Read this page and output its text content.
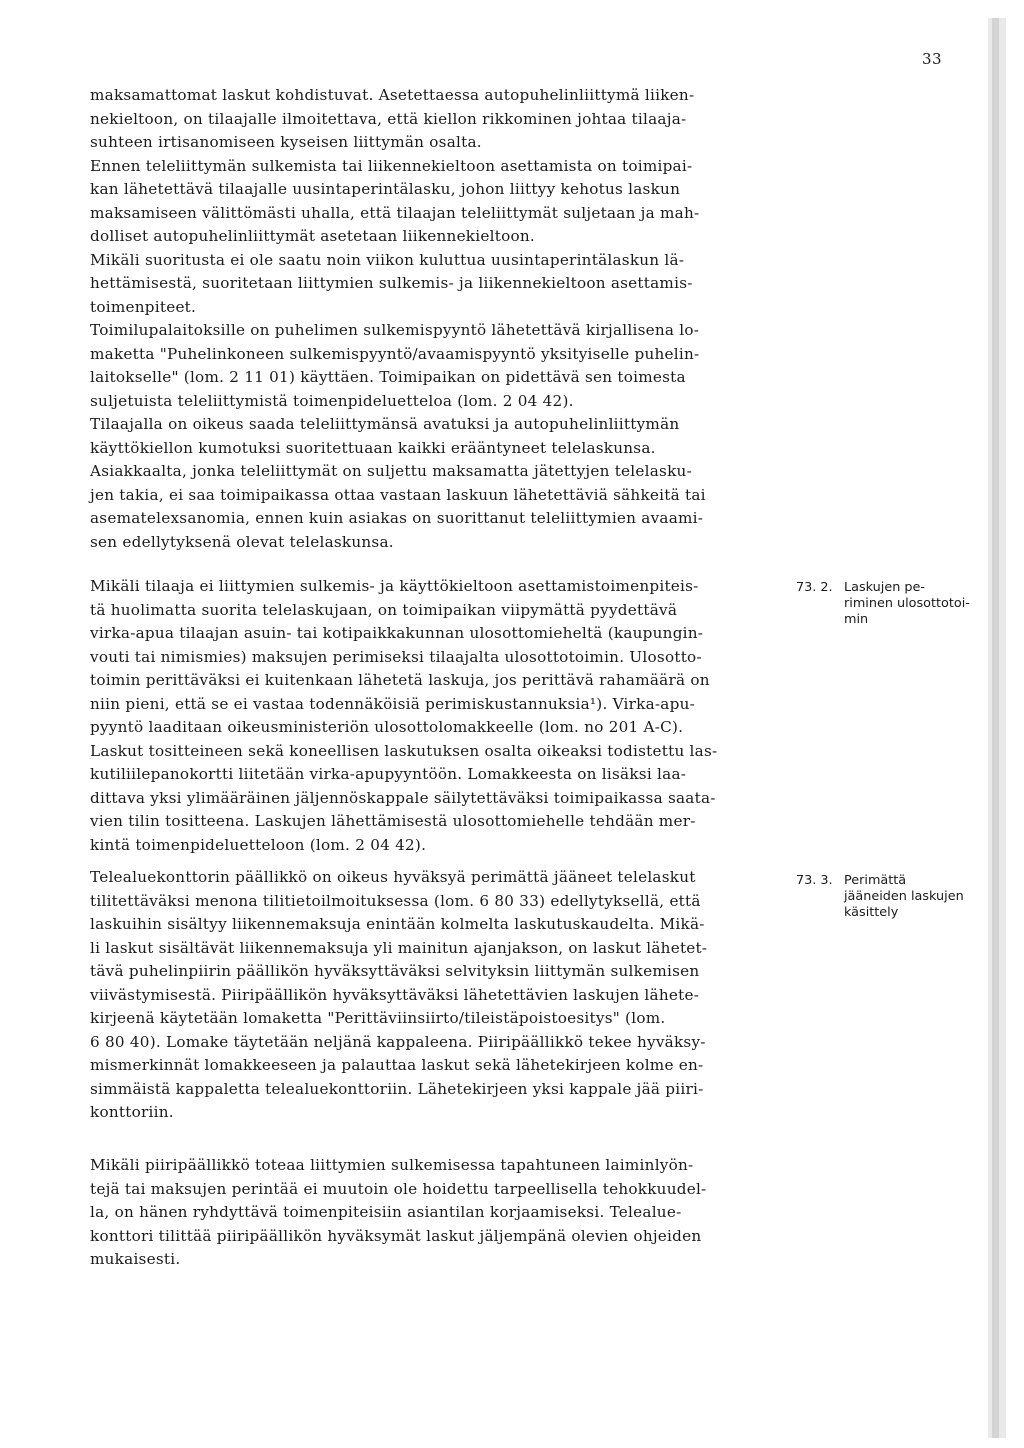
33
maksamattomat laskut kohdistuvat. Asetettaessa autopuhelinliittymä liiken-
nekieltoon, on tilaajalle ilmoitettava, että kiellon rikkominen johtaa tilaaja-
suhteen irtisanomiseen kyseisen liittymän osalta.
Ennen teleliittymän sulkemista tai liikennekieltoon asettamista on toimipai-
kan lähetettävä tilaajalle uusintaperintälasku, johon liittyy kehotus laskun
maksamiseen välittömästi uhalla, että tilaajan teleliittymät suljetaan ja mah-
dolliset autopuhelinliittymät asetetaan liikennekieltoon.
Mikäli suoritusta ei ole saatu noin viikon kuluttua uusintaperintälaskun lä-
hettämisestä, suoritetaan liittymien sulkemis- ja liikennekieltoon asettamis-
toimenpiteet.
Toimilupalaitoksille on puhelimen sulkemispyyntö lähetettävä kirjallisena lo-
maketta "Puhelinkoneen sulkemispyyntö/avaamispyyntö yksityiselle puhelin-
laitokselle" (lom. 2 11 01) käyttäen. Toimipaikan on pidettävä sen toimesta
suljetuista teleliittymistä toimenpideluetteloa (lom. 2 04 42).
Tilaajalla on oikeus saada teleliittymänsä avatuksi ja autopuhelinliittymän
käyttökiellon kumotuksi suoritettuaan kaikki erääntyneet telelaskunsa.
Asiakkaalta, jonka teleliittymät on suljettu maksamatta jätettyjen telelasku-
jen takia, ei saa toimipaikassa ottaa vastaan laskuun lähetettäviä sähkeitä tai
asematelexsanomia, ennen kuin asiakas on suorittanut teleliittymien avaami-
sen edellytyksenä olevat telelaskunsa.
Mikäli tilaaja ei liittymien sulkemis- ja käyttökieltoon asettamistoimenpiteis-
tä huolimatta suorita telelaskujaan, on toimipaikan viipymättä pyydettävä
virka-apua tilaajan asuin- tai kotipaikkakunnan ulosottomieheltä (kaupungin-
vouti tai nimismies) maksujen perimiseksi tilaajalta ulosottotoimin. Ulosotto-
toimin perittäväksi ei kuitenkaan lähetetä laskuja, jos perittävä rahamäärä on
niin pieni, että se ei vastaa todennäköisiä perimiskustannuksia¹). Virka-apu-
pyyntö laaditaan oikeusministeriön ulosottolomakkeelle (lom. no 201 A-C).
Laskut tositteineen sekä koneellisen laskutuksen osalta oikeaksi todistettu las-
kutiliilepanokortti liitetään virka-apupyyntöön. Lomakkeesta on lisäksi laa-
dittava yksi ylimääräinen jäljennöskappale säilytettäväksi toimipaikassa saata-
vien tilin tositteena. Laskujen lähettämisestä ulosottomiehelle tehdään mer-
kintä toimenpideluetteloon (lom. 2 04 42).
Telealuekonttorin päällikkö on oikeus hyväksyä perimättä jääneet telelaskut
tilitettäväksi menona tilitietoilmoituksessa (lom. 6 80 33) edellytyksellä, että
laskuihin sisältyy liikennemaksuja enintään kolmelta laskutuskaudelta. Mikä-
li laskut sisältävät liikennemaksuja yli mainitun ajanjakson, on laskut lähetet-
tävä puhelinpiirin päällikön hyväksyttäväksi selvityksin liittymän sulkemisen
viivästymisestä. Piiripäällikön hyväksyttäväksi lähetettävien laskujen lähete-
kirjeenä käytetään lomaketta "Perittäviinsiirto/tileistäpoistoesitys" (lom.
6 80 40). Lomake täytetään neljänä kappaleena. Piiripäällikkö tekee hyväksy-
mismerkinnät lomakkeeseen ja palauttaa laskut sekä lähetekirjeen kolme en-
simmäistä kappaletta telealuekonttoriin. Lähetekirjeen yksi kappale jää piiri-
konttoriin.
Mikäli piiripäällikkö toteaa liittymien sulkemisessa tapahtuneen laiminlyön-
tejä tai maksujen perintää ei muutoin ole hoidettu tarpeellisella tehokkuudel-
la, on hänen ryhdyttävä toimenpiteisiin asiantilan korjaamiseksi. Telealue-
konttori tilittää piiripäällikön hyväksymät laskut jäljempänä olevien ohjeiden
mukaisesti.
73. 2. Laskujen pe-
riminen ulosottotoi-
min
73. 3. Perimättä
jääneiden laskujen
käsittely
